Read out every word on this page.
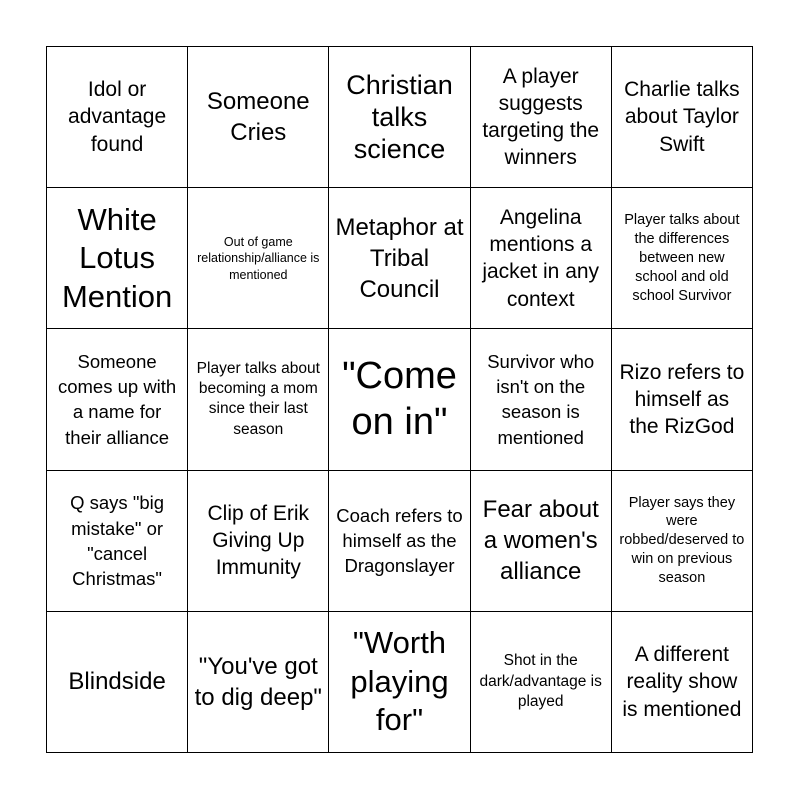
Idol or advantage found
Someone Cries
Christian talks science
A player suggests targeting the winners
Charlie talks about Taylor Swift
White Lotus Mention
Out of game relationship/alliance is mentioned
Metaphor at Tribal Council
Angelina mentions a jacket in any context
Player talks about the differences between new school and old school Survivor
Someone comes up with a name for their alliance
Player talks about becoming a mom since their last season
"Come on in"
Survivor who isn't on the season is mentioned
Rizo refers to himself as the RizGod
Q says "big mistake" or "cancel Christmas"
Clip of Erik Giving Up Immunity
Coach refers to himself as the Dragonslayer
Fear about a women's alliance
Player says they were robbed/deserved to win on previous season
Blindside
"You've got to dig deep"
"Worth playing for"
Shot in the dark/advantage is played
A different reality show is mentioned
